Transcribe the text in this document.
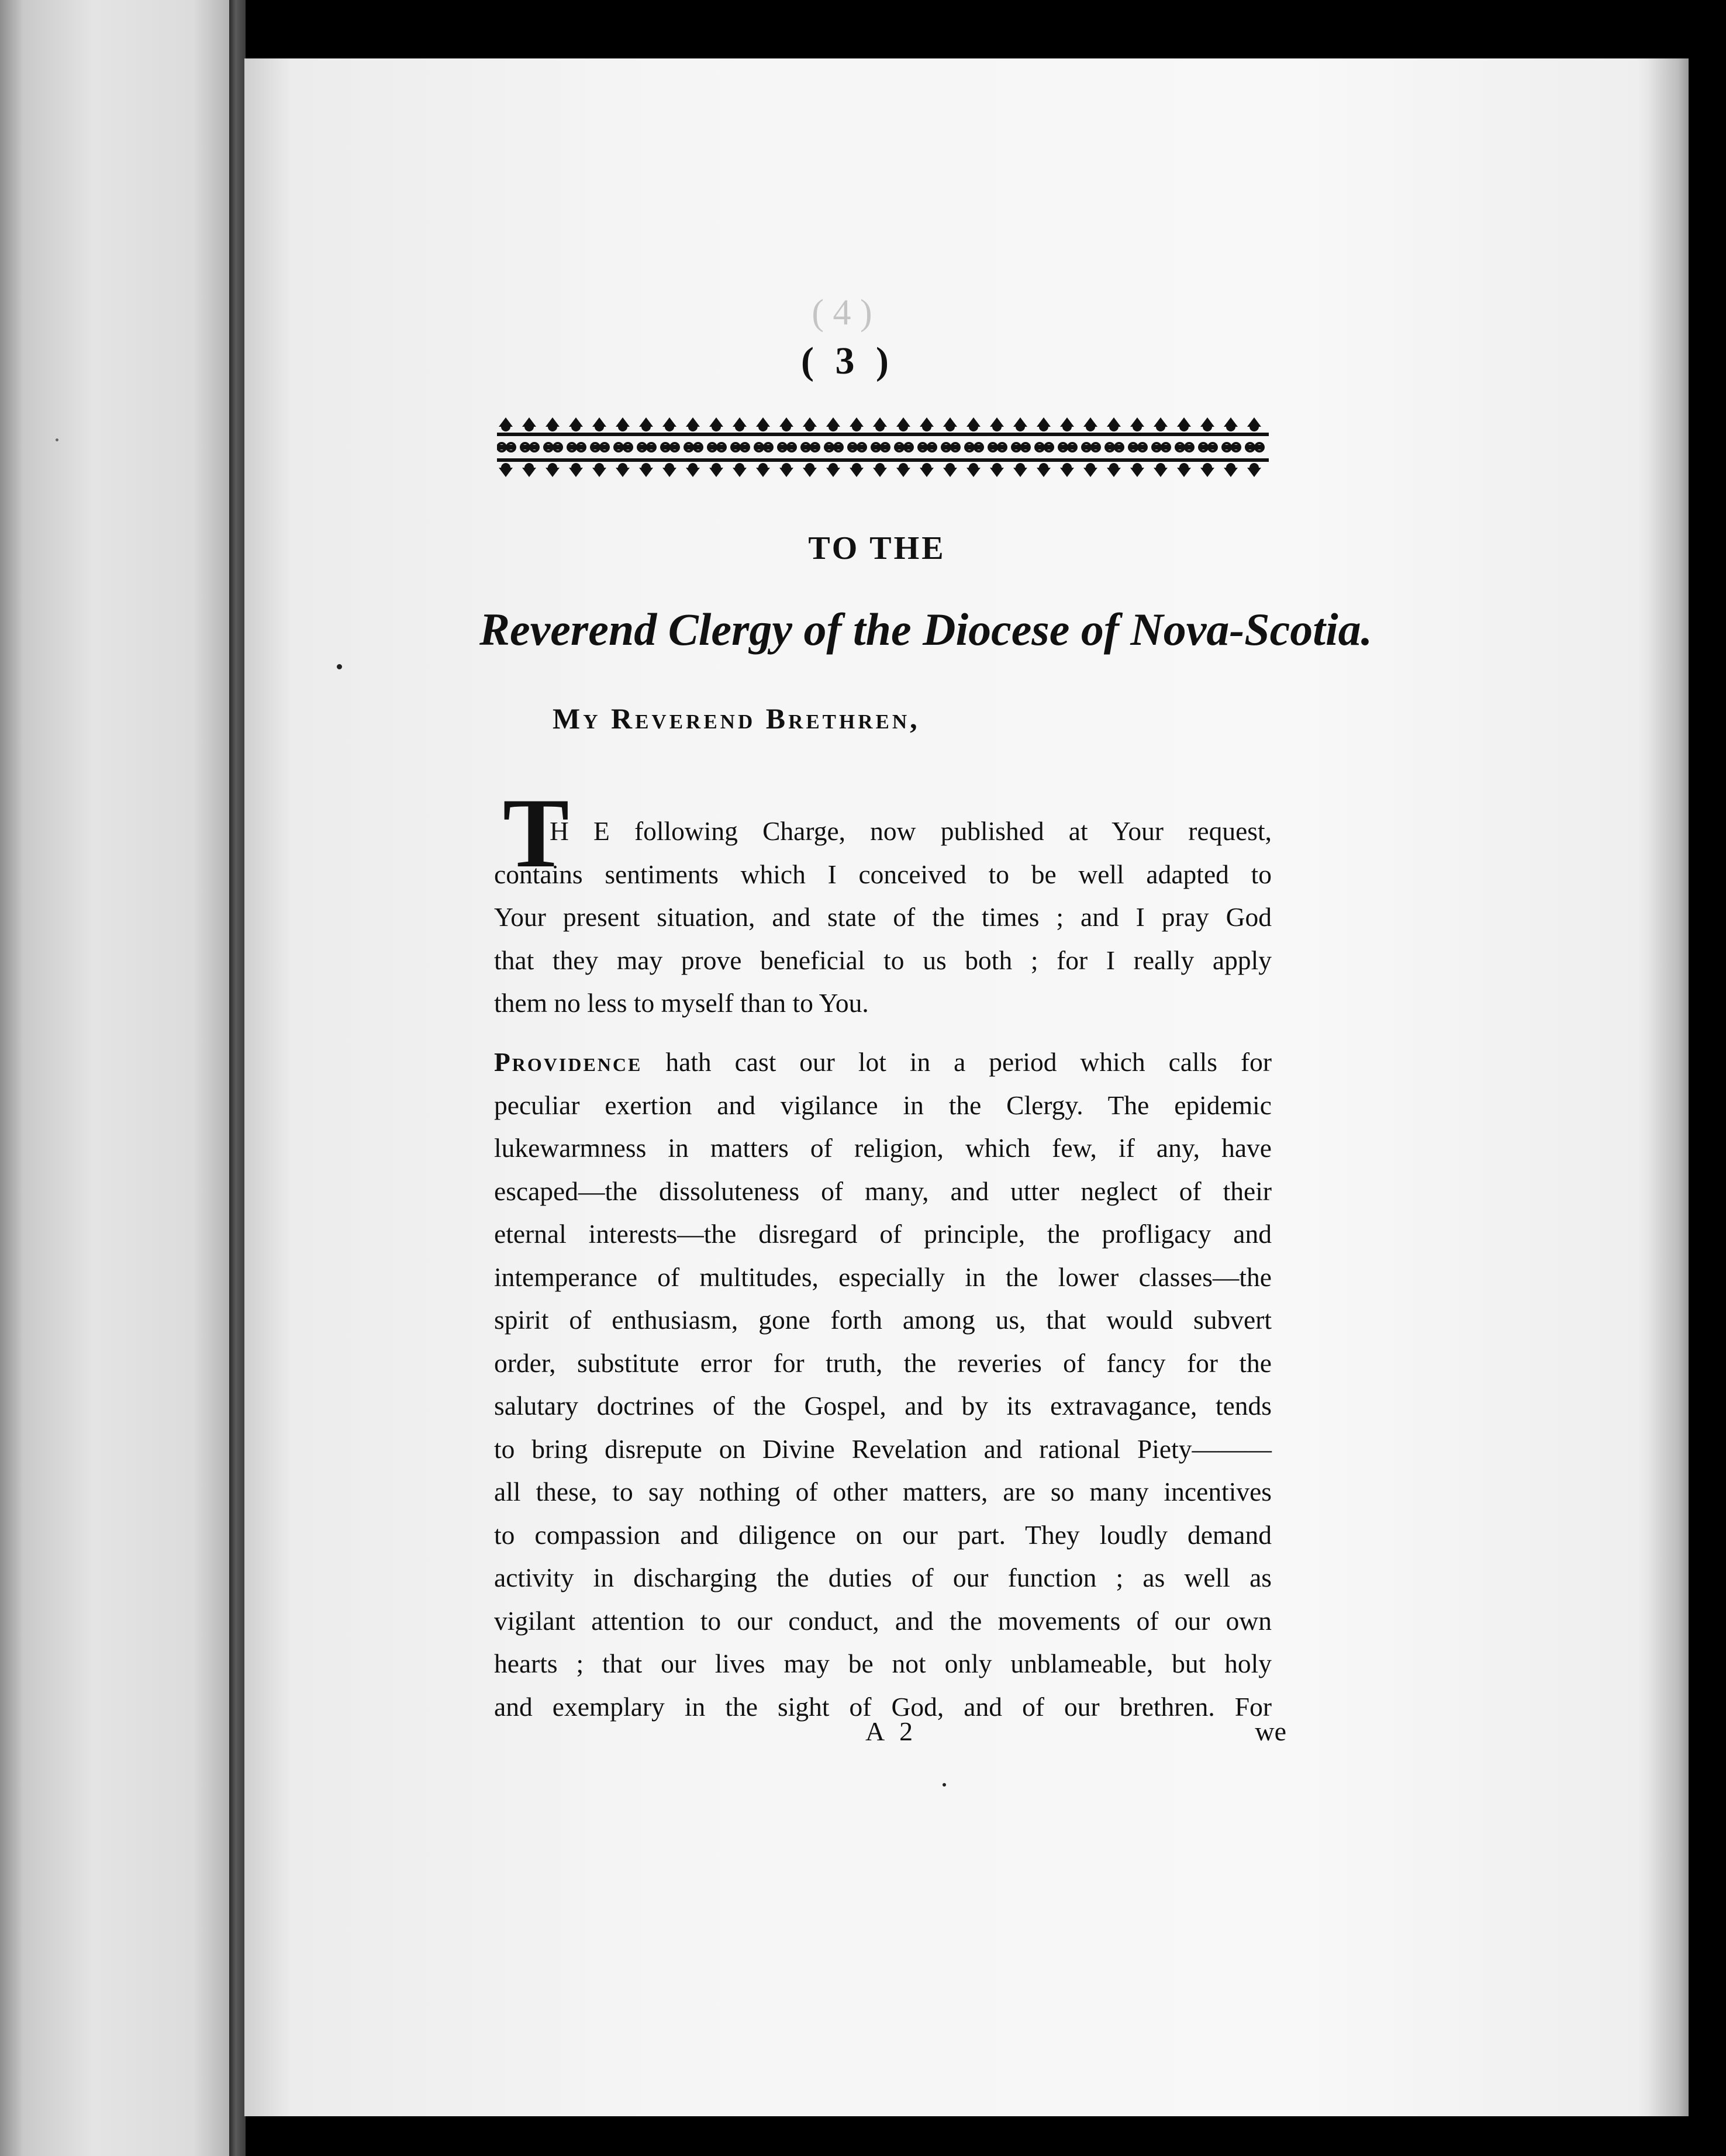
( 4 )

( 3 )

TO THE
Reverend Clergy of the Diocese of Nova-Scotia.

My Reverend Brethren,

T
H E following Charge, now published at Your request,
contains sentiments which I conceived to be well adapted to
Your present situation, and state of the times ; and I pray God
that they may prove beneficial to us both ; for I really apply
them no less to myself than to You.
Providence hath cast our lot in a period which calls for
peculiar exertion and vigilance in the Clergy. The epidemic
lukewarmness in matters of religion, which few, if any, have
escaped—the dissoluteness of many, and utter neglect of their
eternal interests—the disregard of principle, the profligacy and
intemperance of multitudes, especially in the lower classes—the
spirit of enthusiasm, gone forth among us, that would subvert
order, substitute error for truth, the reveries of fancy for the
salutary doctrines of the Gospel, and by its extravagance, tends
to bring disrepute on Divine Revelation and rational Piety———
all these, to say nothing of other matters, are so many incentives
to compassion and diligence on our part. They loudly demand
activity in discharging the duties of our function ; as well as
vigilant attention to our conduct, and the movements of our own
hearts ; that our lives may be not only unblameable, but holy
and exemplary in the sight of God, and of our brethren. For

A 2	we
